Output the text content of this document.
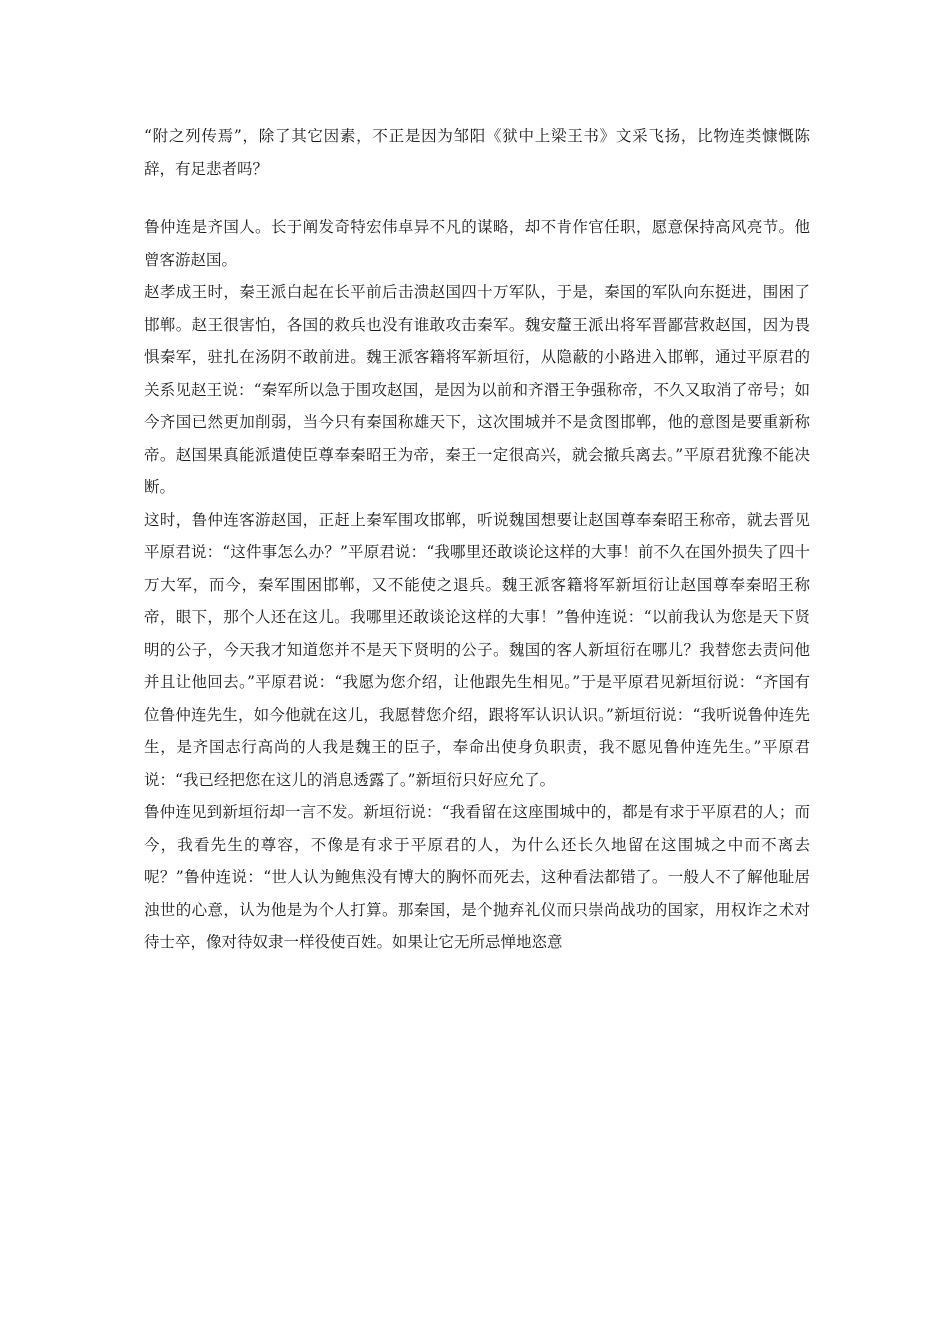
“附之列传焉”，除了其它因素，不正是因为邹阳《狱中上梁王书》文采飞扬，比物连类慷慨陈辞，有足悲者吗？

鲁仲连是齐国人。长于阐发奇特宏伟卓异不凡的谋略，却不肯作官任职，愿意保持高风亮节。他曾客游赵国。

赵孝成王时，秦王派白起在长平前后击溃赵国四十万军队，于是，秦国的军队向东挺进，围困了邯郸。赵王很害怕，各国的救兵也没有谁敢攻击秦军。魏安釐王派出将军晋鄙营救赵国，因为畏惧秦军，驻扎在汤阴不敢前进。魏王派客籍将军新垣衍，从隐蔽的小路进入邯郸，通过平原君的关系见赵王说：“秦军所以急于围攻赵国，是因为以前和齐湣王争强称帝，不久又取消了帝号；如今齐国已然更加削弱，当今只有秦国称雄天下，这次围城并不是贪图邯郸，他的意图是要重新称帝。赵国果真能派遣使臣尊奉秦昭王为帝，秦王一定很高兴，就会撤兵离去。”平原君犹豫不能决断。

这时，鲁仲连客游赵国，正赶上秦军围攻邯郸，听说魏国想要让赵国尊奉秦昭王称帝，就去晋见平原君说：“这件事怎么办？”平原君说：“我哪里还敢谈论这样的大事！前不久在国外损失了四十万大军，而今，秦军围困邯郸，又不能使之退兵。魏王派客籍将军新垣衍让赵国尊奉秦昭王称帝，眼下，那个人还在这儿。我哪里还敢谈论这样的大事！”鲁仲连说：“以前我认为您是天下贤明的公子，今天我才知道您并不是天下贤明的公子。魏国的客人新垣衍在哪儿？我替您去责问他并且让他回去。”平原君说：“我愿为您介绍，让他跟先生相见。”于是平原君见新垣衍说：“齐国有位鲁仲连先生，如今他就在这儿，我愿替您介绍，跟将军认识认识。”新垣衍说：“我听说鲁仲连先生，是齐国志行高尚的人我是魏王的臣子，奉命出使身负职责，我不愿见鲁仲连先生。”平原君说：“我已经把您在这儿的消息透露了。”新垣衍只好应允了。

鲁仲连见到新垣衍却一言不发。新垣衍说：“我看留在这座围城中的，都是有求于平原君的人；而今，我看先生的尊容，不像是有求于平原君的人，为什么还长久地留在这围城之中而不离去呢？”鲁仲连说：“世人认为鲍焦没有博大的胸怀而死去，这种看法都错了。一般人不了解他耻居浊世的心意，认为他是为个人打算。那秦国，是个抛弃礼仪而只崇尚战功的国家，用权诈之术对待士卒，像对待奴隶一样役使百姓。如果让它无所忌惮地恣意
